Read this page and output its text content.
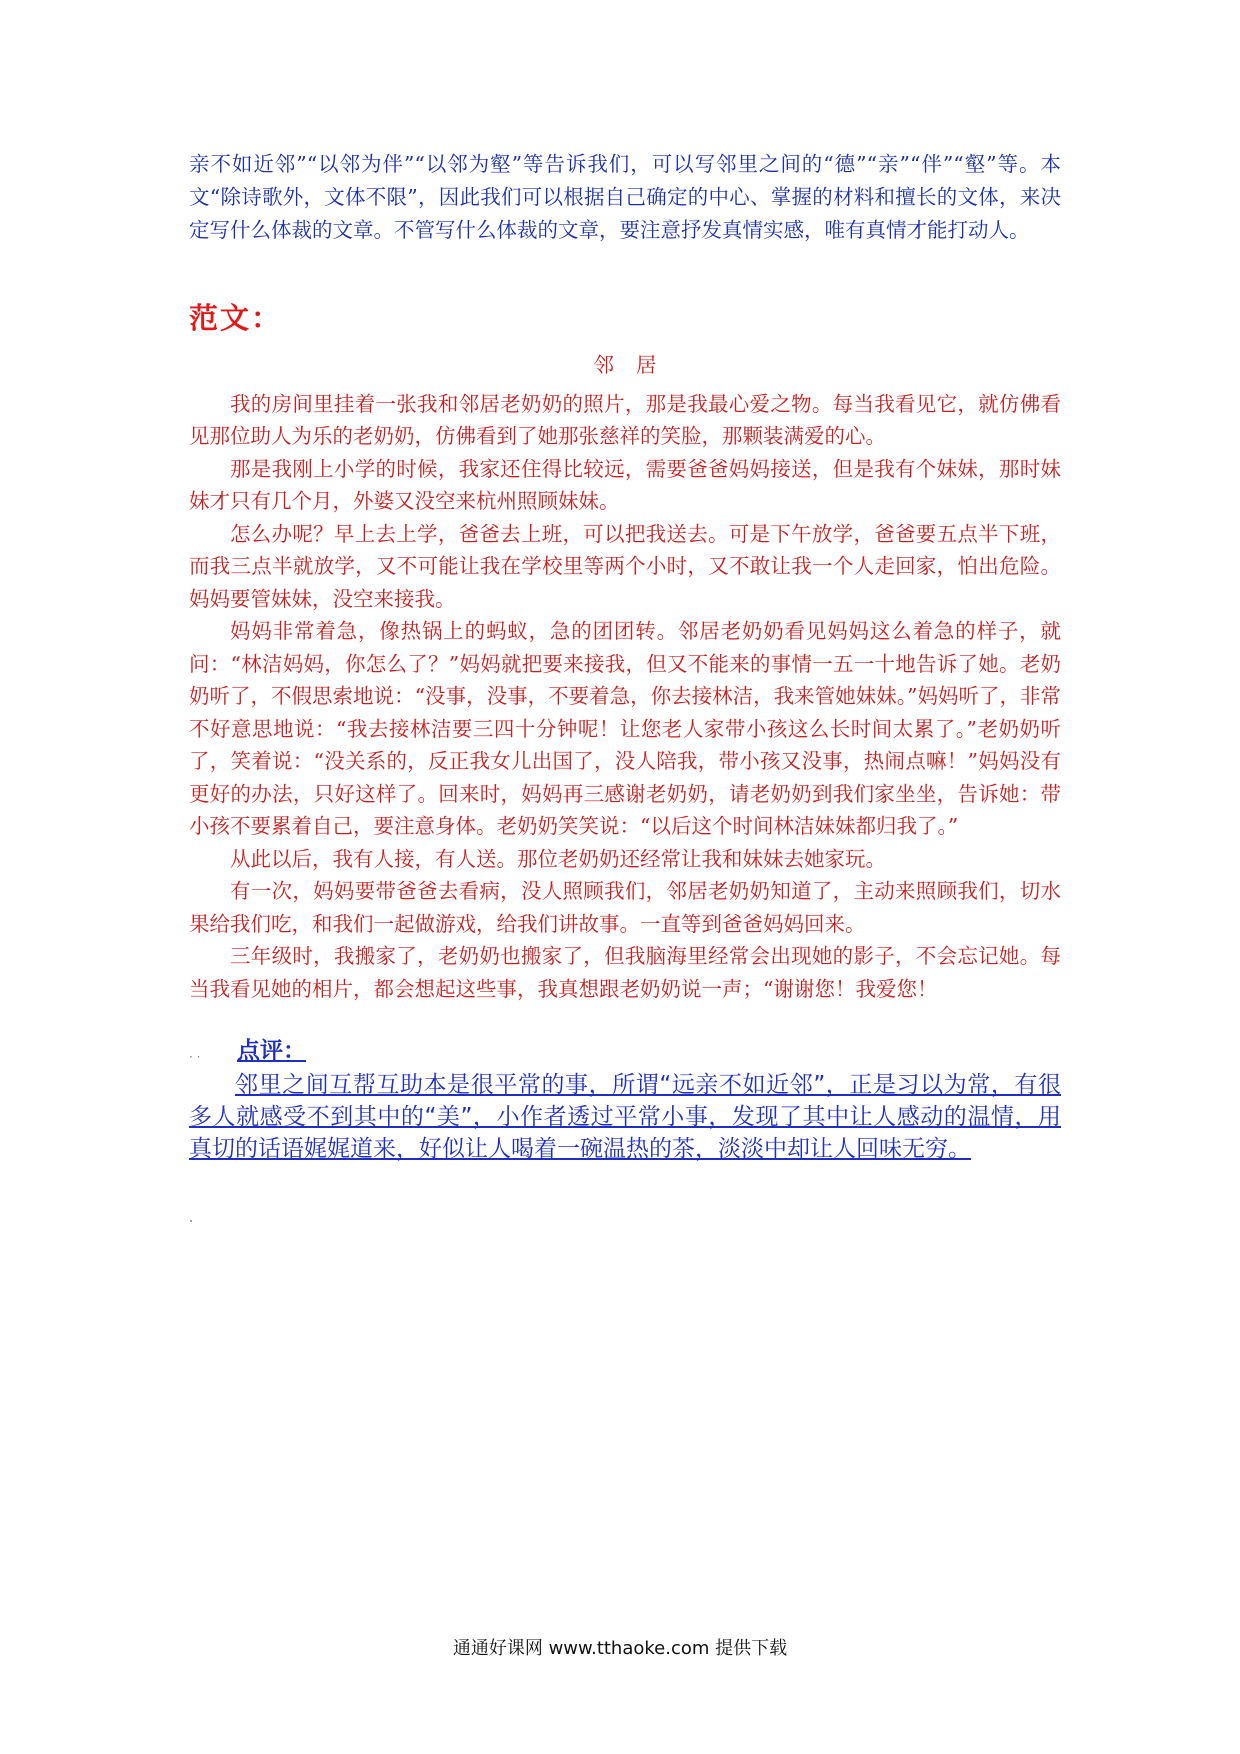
亲不如近邻”“以邻为伴”“以邻为壑”等告诉我们，可以写邻里之间的“德”“亲”“伴”“壑”等。本文“除诗歌外，文体不限”，因此我们可以根据自己确定的中心、掌握的材料和擅长的文体，来决定写什么体裁的文章。不管写什么体裁的文章，要注意抒发真情实感，唯有真情才能打动人。

范文：
邻居

我的房间里挂着一张我和邻居老奶奶的照片，那是我最心爱之物。每当我看见它，就仿佛看见那位助人为乐的老奶奶，仿佛看到了她那张慈祥的笑脸，那颗装满爱的心。

那是我刚上小学的时候，我家还住得比较远，需要爸爸妈妈接送，但是我有个妹妹，那时妹妹才只有几个月，外婆又没空来杭州照顾妹妹。

怎么办呢？早上去上学，爸爸去上班，可以把我送去。可是下午放学，爸爸要五点半下班，而我三点半就放学，又不可能让我在学校里等两个小时，又不敢让我一个人走回家，怕出危险。妈妈要管妹妹，没空来接我。

妈妈非常着急，像热锅上的蚂蚁，急的团团转。邻居老奶奶看见妈妈这么着急的样子，就问：“林洁妈妈，你怎么了？”妈妈就把要来接我，但又不能来的事情一五一十地告诉了她。老奶奶听了，不假思索地说：“没事，没事，不要着急，你去接林洁，我来管她妹妹。”妈妈听了，非常不好意思地说：“我去接林洁要三四十分钟呢！让您老人家带小孩这么长时间太累了。”老奶奶听了，笑着说：“没关系的，反正我女儿出国了，没人陪我，带小孩又没事，热闹点嘛！”妈妈没有更好的办法，只好这样了。回来时，妈妈再三感谢老奶奶，请老奶奶到我们家坐坐，告诉她：带小孩不要累着自己，要注意身体。老奶奶笑笑说：“以后这个时间林洁妹妹都归我了。”

从此以后，我有人接，有人送。那位老奶奶还经常让我和妹妹去她家玩。

有一次，妈妈要带爸爸去看病，没人照顾我们，邻居老奶奶知道了，主动来照顾我们，切水果给我们吃，和我们一起做游戏，给我们讲故事。一直等到爸爸妈妈回来。

三年级时，我搬家了，老奶奶也搬家了，但我脑海里经常会出现她的影子，不会忘记她。每当我看见她的相片，都会想起这些事，我真想跟老奶奶说一声；“谢谢您！我爱您！

· · 点评：

邻里之间互帮互助本是很平常的事，所谓“远亲不如近邻”，正是习以为常，有很多人就感受不到其中的“美”，小作者透过平常小事，发现了其中让人感动的温情，用真切的话语娓娓道来，好似让人喝着一碗温热的茶，淡淡中却让人回味无穷。

通通好课网 www.tthaoke.com 提供下载
